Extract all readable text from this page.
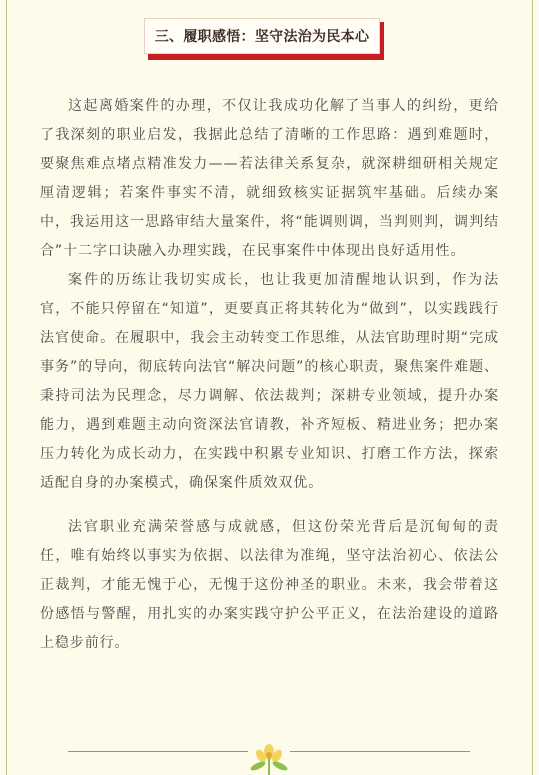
三、履职感悟：坚守法治为民本心

这起离婚案件的办理，不仅让我成功化解了当事人的纠纷，更给了我深刻的职业启发，我据此总结了清晰的工作思路：遇到难题时，要聚焦难点堵点精准发力——若法律关系复杂，就深耕细研相关规定厘清逻辑；若案件事实不清，就细致核实证据筑牢基础。后续办案中，我运用这一思路审结大量案件，将“能调则调，当判则判，调判结合”十二字口诀融入办理实践，在民事案件中体现出良好适用性。

案件的历练让我切实成长，也让我更加清醒地认识到，作为法官，不能只停留在“知道”，更要真正将其转化为“做到”，以实践践行法官使命。在履职中，我会主动转变工作思维，从法官助理时期“完成事务”的导向，彻底转向法官“解决问题”的核心职责，聚焦案件难题、秉持司法为民理念，尽力调解、依法裁判；深耕专业领域，提升办案能力，遇到难题主动向资深法官请教，补齐短板、精进业务；把办案压力转化为成长动力，在实践中积累专业知识、打磨工作方法，探索适配自身的办案模式，确保案件质效双优。

法官职业充满荣誉感与成就感，但这份荣光背后是沉甸甸的责任，唯有始终以事实为依据、以法律为准绳，坚守法治初心、依法公正裁判，才能无愧于心，无愧于这份神圣的职业。未来，我会带着这份感悟与警醒，用扎实的办案实践守护公平正义，在法治建设的道路上稳步前行。
